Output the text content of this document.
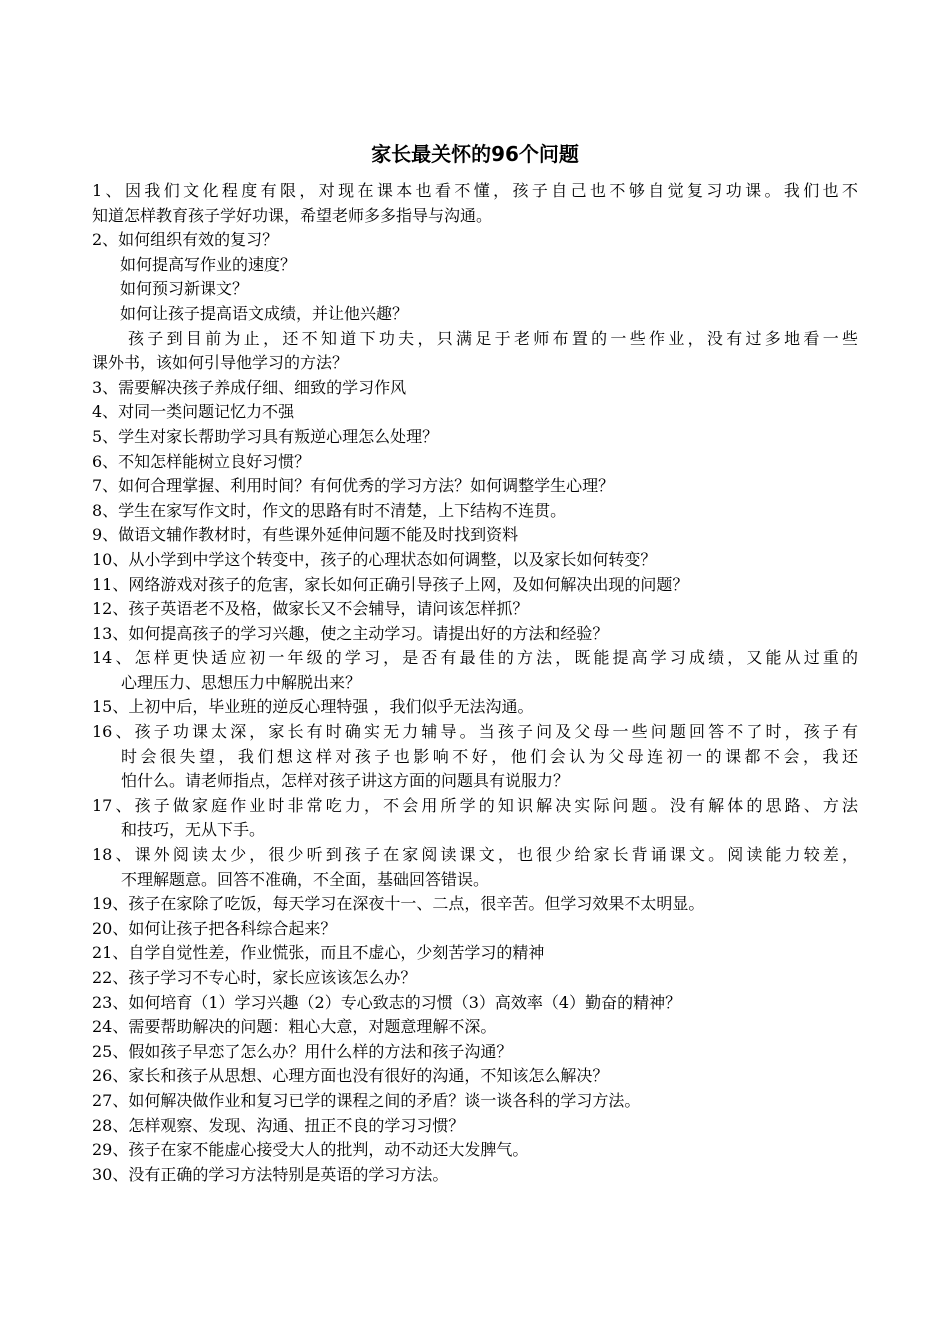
家长最关怀的96个问题
1、因我们文化程度有限，对现在课本也看不懂，孩子自己也不够自觉复习功课。我们也不
知道怎样教育孩子学好功课，希望老师多多指导与沟通。
2、如何组织有效的复习？
如何提高写作业的速度？
如何预习新课文？
如何让孩子提高语文成绩，并让他兴趣？
孩子到目前为止，还不知道下功夫，只满足于老师布置的一些作业，没有过多地看一些
课外书，该如何引导他学习的方法？
3、需要解决孩子养成仔细、细致的学习作风
4、对同一类问题记忆力不强
5、学生对家长帮助学习具有叛逆心理怎么处理？
6、不知怎样能树立良好习惯？
7、如何合理掌握、利用时间？有何优秀的学习方法？如何调整学生心理？
8、学生在家写作文时，作文的思路有时不清楚，上下结构不连贯。
9、做语文辅作教材时，有些课外延伸问题不能及时找到资料
10、从小学到中学这个转变中，孩子的心理状态如何调整，以及家长如何转变？
11、网络游戏对孩子的危害，家长如何正确引导孩子上网，及如何解决出现的问题？
12、孩子英语老不及格，做家长又不会辅导，请问该怎样抓？
13、如何提高孩子的学习兴趣，使之主动学习。请提出好的方法和经验？
14、怎样更快适应初一年级的学习，是否有最佳的方法，既能提高学习成绩，又能从过重的
心理压力、思想压力中解脱出来？
15、上初中后，毕业班的逆反心理特强 ，我们似乎无法沟通。
16、孩子功课太深，家长有时确实无力辅导。当孩子问及父母一些问题回答不了时，孩子有
时会很失望，我们想这样对孩子也影响不好，他们会认为父母连初一的课都不会，我还
怕什么。请老师指点，怎样对孩子讲这方面的问题具有说服力？
17、孩子做家庭作业时非常吃力，不会用所学的知识解决实际问题。没有解体的思路、方法
和技巧，无从下手。
18、课外阅读太少，很少听到孩子在家阅读课文，也很少给家长背诵课文。阅读能力较差，
不理解题意。回答不准确，不全面，基础回答错误。
19、孩子在家除了吃饭，每天学习在深夜十一、二点，很辛苦。但学习效果不太明显。
20、如何让孩子把各科综合起来？
21、自学自觉性差，作业慌张，而且不虚心，少刻苦学习的精神
22、孩子学习不专心时，家长应该该怎么办？
23、如何培育（1）学习兴趣（2）专心致志的习惯（3）高效率（4）勤奋的精神？
24、需要帮助解决的问题：粗心大意，对题意理解不深。
25、假如孩子早恋了怎么办？用什么样的方法和孩子沟通？
26、家长和孩子从思想、心理方面也没有很好的沟通，不知该怎么解决？
27、如何解决做作业和复习已学的课程之间的矛盾？谈一谈各科的学习方法。
28、怎样观察、发现、沟通、扭正不良的学习习惯？
29、孩子在家不能虚心接受大人的批判，动不动还大发脾气。
30、没有正确的学习方法特别是英语的学习方法。
